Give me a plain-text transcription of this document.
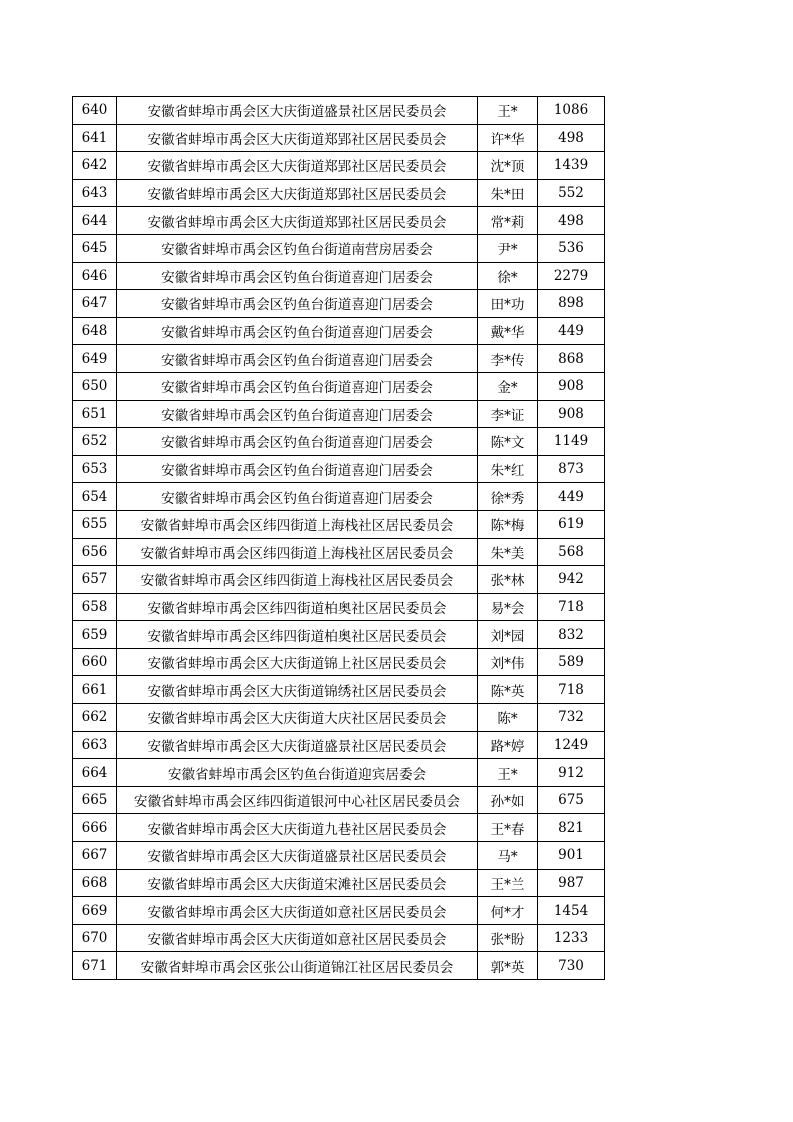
640	安徽省蚌埠市禹会区大庆街道盛景社区居民委员会	王*	1086
641	安徽省蚌埠市禹会区大庆街道郑郢社区居民委员会	许*华	498
642	安徽省蚌埠市禹会区大庆街道郑郢社区居民委员会	沈*顶	1439
643	安徽省蚌埠市禹会区大庆街道郑郢社区居民委员会	朱*田	552
644	安徽省蚌埠市禹会区大庆街道郑郢社区居民委员会	常*莉	498
645	安徽省蚌埠市禹会区钓鱼台街道南营房居委会	尹*	536
646	安徽省蚌埠市禹会区钓鱼台街道喜迎门居委会	徐*	2279
647	安徽省蚌埠市禹会区钓鱼台街道喜迎门居委会	田*功	898
648	安徽省蚌埠市禹会区钓鱼台街道喜迎门居委会	戴*华	449
649	安徽省蚌埠市禹会区钓鱼台街道喜迎门居委会	李*传	868
650	安徽省蚌埠市禹会区钓鱼台街道喜迎门居委会	金*	908
651	安徽省蚌埠市禹会区钓鱼台街道喜迎门居委会	李*证	908
652	安徽省蚌埠市禹会区钓鱼台街道喜迎门居委会	陈*文	1149
653	安徽省蚌埠市禹会区钓鱼台街道喜迎门居委会	朱*红	873
654	安徽省蚌埠市禹会区钓鱼台街道喜迎门居委会	徐*秀	449
655	安徽省蚌埠市禹会区纬四街道上海栈社区居民委员会	陈*梅	619
656	安徽省蚌埠市禹会区纬四街道上海栈社区居民委员会	朱*美	568
657	安徽省蚌埠市禹会区纬四街道上海栈社区居民委员会	张*林	942
658	安徽省蚌埠市禹会区纬四街道柏奥社区居民委员会	易*会	718
659	安徽省蚌埠市禹会区纬四街道柏奥社区居民委员会	刘*园	832
660	安徽省蚌埠市禹会区大庆街道锦上社区居民委员会	刘*伟	589
661	安徽省蚌埠市禹会区大庆街道锦绣社区居民委员会	陈*英	718
662	安徽省蚌埠市禹会区大庆街道大庆社区居民委员会	陈*	732
663	安徽省蚌埠市禹会区大庆街道盛景社区居民委员会	路*婷	1249
664	安徽省蚌埠市禹会区钓鱼台街道迎宾居委会	王*	912
665	安徽省蚌埠市禹会区纬四街道银河中心社区居民委员会	孙*如	675
666	安徽省蚌埠市禹会区大庆街道九巷社区居民委员会	王*春	821
667	安徽省蚌埠市禹会区大庆街道盛景社区居民委员会	马*	901
668	安徽省蚌埠市禹会区大庆街道宋滩社区居民委员会	王*兰	987
669	安徽省蚌埠市禹会区大庆街道如意社区居民委员会	何*才	1454
670	安徽省蚌埠市禹会区大庆街道如意社区居民委员会	张*盼	1233
671	安徽省蚌埠市禹会区张公山街道锦江社区居民委员会	郭*英	730
